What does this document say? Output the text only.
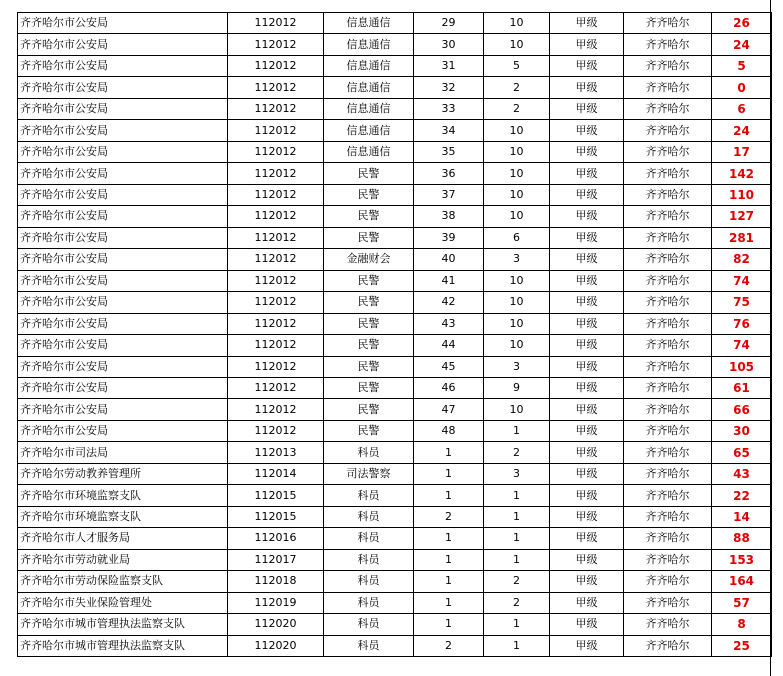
齐齐哈尔市公安局	112012	信息通信	29	10	甲级	齐齐哈尔	26
齐齐哈尔市公安局	112012	信息通信	30	10	甲级	齐齐哈尔	24
齐齐哈尔市公安局	112012	信息通信	31	5	甲级	齐齐哈尔	5
齐齐哈尔市公安局	112012	信息通信	32	2	甲级	齐齐哈尔	0
齐齐哈尔市公安局	112012	信息通信	33	2	甲级	齐齐哈尔	6
齐齐哈尔市公安局	112012	信息通信	34	10	甲级	齐齐哈尔	24
齐齐哈尔市公安局	112012	信息通信	35	10	甲级	齐齐哈尔	17
齐齐哈尔市公安局	112012	民警	36	10	甲级	齐齐哈尔	142
齐齐哈尔市公安局	112012	民警	37	10	甲级	齐齐哈尔	110
齐齐哈尔市公安局	112012	民警	38	10	甲级	齐齐哈尔	127
齐齐哈尔市公安局	112012	民警	39	6	甲级	齐齐哈尔	281
齐齐哈尔市公安局	112012	金融财会	40	3	甲级	齐齐哈尔	82
齐齐哈尔市公安局	112012	民警	41	10	甲级	齐齐哈尔	74
齐齐哈尔市公安局	112012	民警	42	10	甲级	齐齐哈尔	75
齐齐哈尔市公安局	112012	民警	43	10	甲级	齐齐哈尔	76
齐齐哈尔市公安局	112012	民警	44	10	甲级	齐齐哈尔	74
齐齐哈尔市公安局	112012	民警	45	3	甲级	齐齐哈尔	105
齐齐哈尔市公安局	112012	民警	46	9	甲级	齐齐哈尔	61
齐齐哈尔市公安局	112012	民警	47	10	甲级	齐齐哈尔	66
齐齐哈尔市公安局	112012	民警	48	1	甲级	齐齐哈尔	30
齐齐哈尔市司法局	112013	科员	1	2	甲级	齐齐哈尔	65
齐齐哈尔劳动教养管理所	112014	司法警察	1	3	甲级	齐齐哈尔	43
齐齐哈尔市环境监察支队	112015	科员	1	1	甲级	齐齐哈尔	22
齐齐哈尔市环境监察支队	112015	科员	2	1	甲级	齐齐哈尔	14
齐齐哈尔市人才服务局	112016	科员	1	1	甲级	齐齐哈尔	88
齐齐哈尔市劳动就业局	112017	科员	1	1	甲级	齐齐哈尔	153
齐齐哈尔市劳动保险监察支队	112018	科员	1	2	甲级	齐齐哈尔	164
齐齐哈尔市失业保险管理处	112019	科员	1	2	甲级	齐齐哈尔	57
齐齐哈尔市城市管理执法监察支队	112020	科员	1	1	甲级	齐齐哈尔	8
齐齐哈尔市城市管理执法监察支队	112020	科员	2	1	甲级	齐齐哈尔	25
